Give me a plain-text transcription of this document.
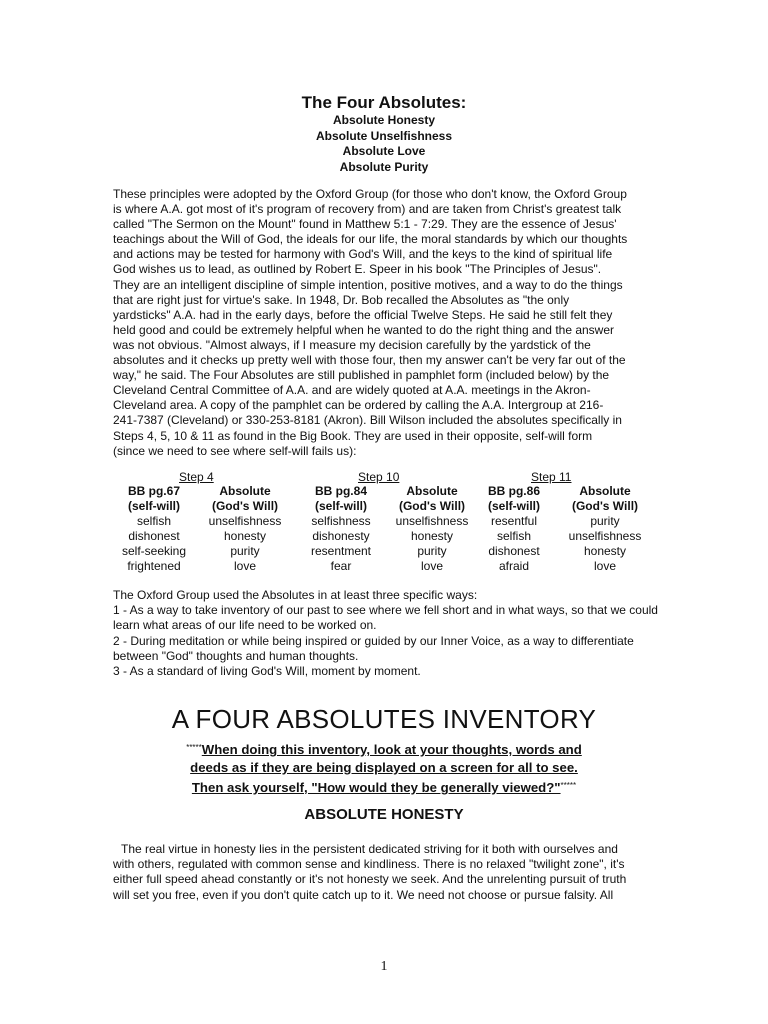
The Four Absolutes:
Absolute Honesty
Absolute Unselfishness
Absolute Love
Absolute Purity

These principles were adopted by the Oxford Group (for those who don't know, the Oxford Group
is where A.A. got most of it's program of recovery from) and are taken from Christ's greatest talk
called "The Sermon on the Mount" found in Matthew 5:1 - 7:29. They are the essence of Jesus'
teachings about the Will of God, the ideals for our life, the moral standards by which our thoughts
and actions may be tested for harmony with God's Will, and the keys to the kind of spiritual life
God wishes us to lead, as outlined by Robert E. Speer in his book "The Principles of Jesus".
They are an intelligent discipline of simple intention, positive motives, and a way to do the things
that are right just for virtue's sake. In 1948, Dr. Bob recalled the Absolutes as "the only
yardsticks" A.A. had in the early days, before the official Twelve Steps. He said he still felt they
held good and could be extremely helpful when he wanted to do the right thing and the answer
was not obvious. "Almost always, if I measure my decision carefully by the yardstick of the
absolutes and it checks up pretty well with those four, then my answer can't be very far out of the
way," he said. The Four Absolutes are still published in pamphlet form (included below) by the
Cleveland Central Committee of A.A. and are widely quoted at A.A. meetings in the Akron-
Cleveland area. A copy of the pamphlet can be ordered by calling the A.A. Intergroup at 216-
241-7387 (Cleveland) or 330-253-8181 (Akron). Bill Wilson included the absolutes specifically in
Steps 4, 5, 10 & 11 as found in the Big Book. They are used in their opposite, self-will form
(since we need to see where self-will fails us):

Step 4
BB pg.67	Absolute
(self-will)	(God's Will)
selfish	unselfishness
dishonest	honesty
self-seeking	purity
frightened	love
Step 10
BB pg.84	Absolute
(self-will)	(God's Will)
selfishness	unselfishness
dishonesty	honesty
resentment	purity
fear	love
Step 11
BB pg.86	Absolute
(self-will)	(God's Will)
resentful	purity
selfish	unselfishness
dishonest	honesty
afraid	love
The Oxford Group used the Absolutes in at least three specific ways:
1 - As a way to take inventory of our past to see where we fell short and in what ways, so that we could learn what areas of our life need to be worked on.
2 - During meditation or while being inspired or guided by our Inner Voice, as a way to differentiate between "God" thoughts and human thoughts.
3 - As a standard of living God's Will, moment by moment.
A FOUR ABSOLUTES INVENTORY
*****When doing this inventory, look at your thoughts, words and
deeds as if they are being displayed on a screen for all to see.
Then ask yourself, "How would they be generally viewed?"*****
ABSOLUTE HONESTY

The real virtue in honesty lies in the persistent dedicated striving for it both with ourselves and
with others, regulated with common sense and kindliness. There is no relaxed "twilight zone", it's
either full speed ahead constantly or it's not honesty we seek. And the unrelenting pursuit of truth
will set you free, even if you don't quite catch up to it. We need not choose or pursue falsity. All

1
